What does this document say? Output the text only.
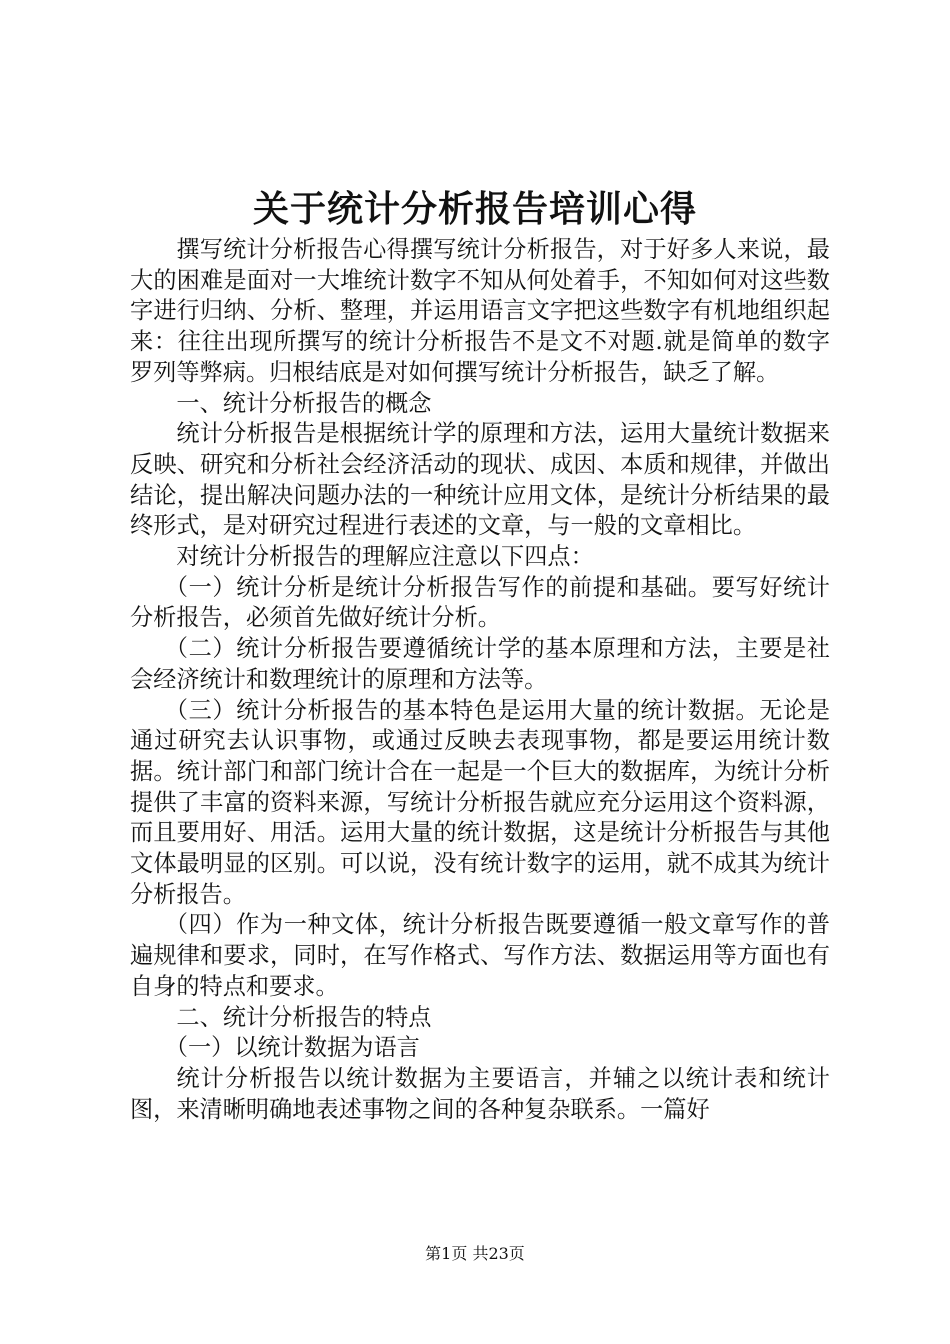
关于统计分析报告培训心得

撰写统计分析报告心得撰写统计分析报告，对于好多人来说，最大的困难是面对一大堆统计数字不知从何处着手，不知如何对这些数字进行归纳、分析、整理，并运用语言文字把这些数字有机地组织起来：往往出现所撰写的统计分析报告不是文不对题.就是简单的数字罗列等弊病。归根结底是对如何撰写统计分析报告，缺乏了解。

一、统计分析报告的概念

统计分析报告是根据统计学的原理和方法，运用大量统计数据来反映、研究和分析社会经济活动的现状、成因、本质和规律，并做出结论，提出解决问题办法的一种统计应用文体，是统计分析结果的最终形式，是对研究过程进行表述的文章，与一般的文章相比。

对统计分析报告的理解应注意以下四点：

（一）统计分析是统计分析报告写作的前提和基础。要写好统计分析报告，必须首先做好统计分析。

（二）统计分析报告要遵循统计学的基本原理和方法，主要是社会经济统计和数理统计的原理和方法等。

（三）统计分析报告的基本特色是运用大量的统计数据。无论是通过研究去认识事物，或通过反映去表现事物，都是要运用统计数据。统计部门和部门统计合在一起是一个巨大的数据库，为统计分析提供了丰富的资料来源，写统计分析报告就应充分运用这个资料源，而且要用好、用活。运用大量的统计数据，这是统计分析报告与其他文体最明显的区别。可以说，没有统计数字的运用，就不成其为统计分析报告。

（四）作为一种文体，统计分析报告既要遵循一般文章写作的普遍规律和要求，同时，在写作格式、写作方法、数据运用等方面也有自身的特点和要求。

二、统计分析报告的特点

（一）以统计数据为语言

统计分析报告以统计数据为主要语言，并辅之以统计表和统计图，来清晰明确地表述事物之间的各种复杂联系。一篇好

第1页 共23页
